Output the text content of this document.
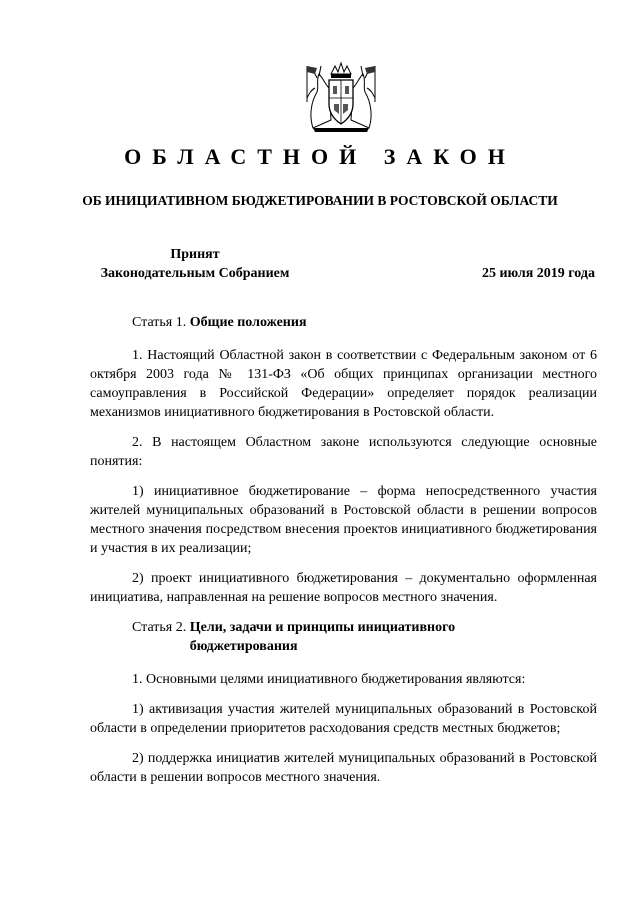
ОБЛАСТНОЙ ЗАКОН
ОБ ИНИЦИАТИВНОМ БЮДЖЕТИРОВАНИИ В РОСТОВСКОЙ ОБЛАСТИ
Принят
Законодательным Собранием	25 июля 2019 года
Статья 1. Общие положения

1. Настоящий Областной закон в соответствии с Федеральным законом от 6 октября 2003 года № 131-ФЗ «Об общих принципах организации местного самоуправления в Российской Федерации» определяет порядок реализации механизмов инициативного бюджетирования в Ростовской области.

2. В настоящем Областном законе используются следующие основные понятия:

1) инициативное бюджетирование – форма непосредственного участия жителей муниципальных образований в Ростовской области в решении вопросов местного значения посредством внесения проектов инициативного бюджетирования и участия в их реализации;

2) проект инициативного бюджетирования – документально оформленная инициатива, направленная на решение вопросов местного значения.

Статья 2. Цели, задачи и принципы инициативного бюджетирования

1. Основными целями инициативного бюджетирования являются:

1) активизация участия жителей муниципальных образований в Ростовской области в определении приоритетов расходования средств местных бюджетов;

2) поддержка инициатив жителей муниципальных образований в Ростовской области в решении вопросов местного значения.
